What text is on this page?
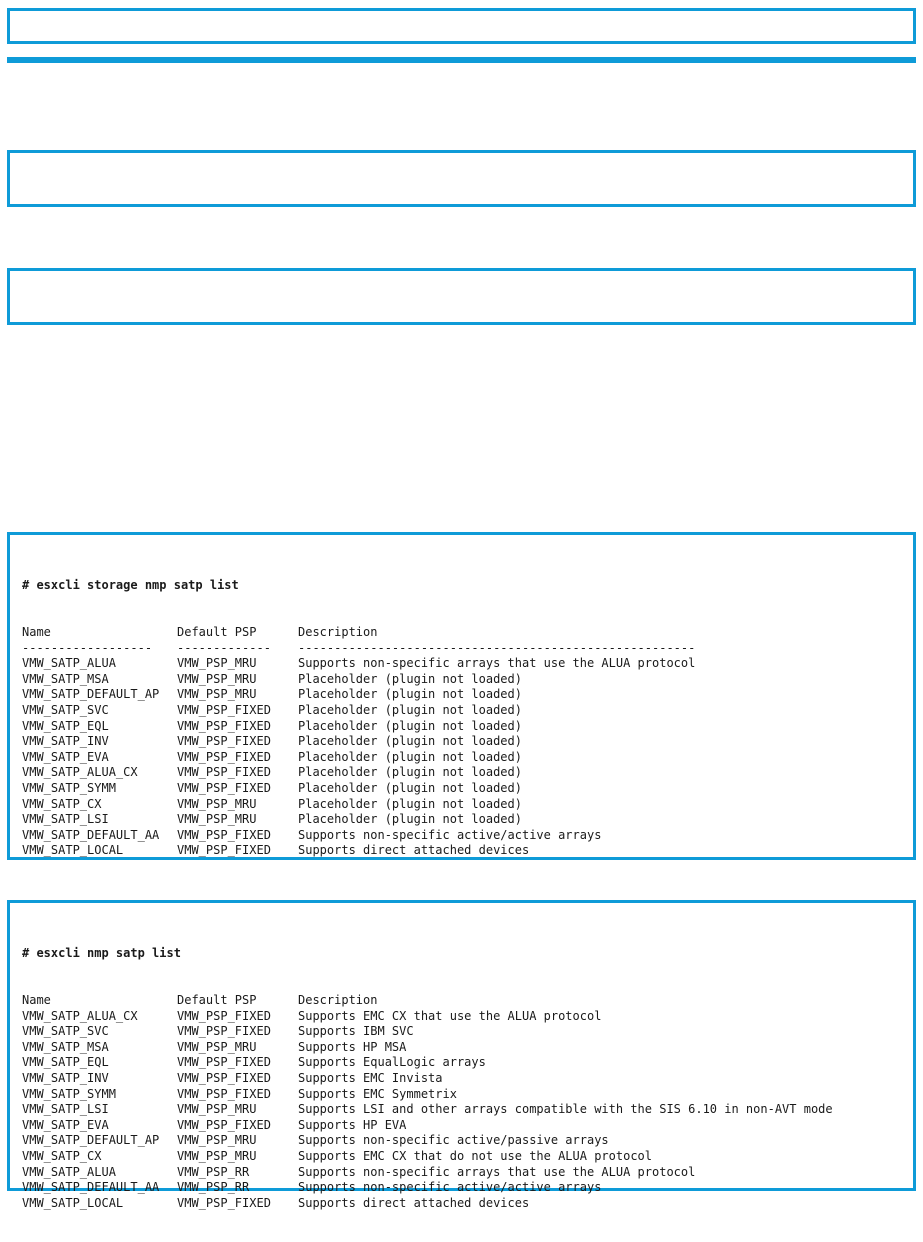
# esxcli storage nmp satp list

Name	Default PSP	Description
------------------	-------------	-------------------------------------------------------
VMW_SATP_ALUA	VMW_PSP_MRU	Supports non-specific arrays that use the ALUA protocol
VMW_SATP_MSA	VMW_PSP_MRU	Placeholder (plugin not loaded)
VMW_SATP_DEFAULT_AP	VMW_PSP_MRU	Placeholder (plugin not loaded)
VMW_SATP_SVC	VMW_PSP_FIXED	Placeholder (plugin not loaded)
VMW_SATP_EQL	VMW_PSP_FIXED	Placeholder (plugin not loaded)
VMW_SATP_INV	VMW_PSP_FIXED	Placeholder (plugin not loaded)
VMW_SATP_EVA	VMW_PSP_FIXED	Placeholder (plugin not loaded)
VMW_SATP_ALUA_CX	VMW_PSP_FIXED	Placeholder (plugin not loaded)
VMW_SATP_SYMM	VMW_PSP_FIXED	Placeholder (plugin not loaded)
VMW_SATP_CX	VMW_PSP_MRU	Placeholder (plugin not loaded)
VMW_SATP_LSI	VMW_PSP_MRU	Placeholder (plugin not loaded)
VMW_SATP_DEFAULT_AA	VMW_PSP_FIXED	Supports non-specific active/active arrays
VMW_SATP_LOCAL	VMW_PSP_FIXED	Supports direct attached devices

# esxcli nmp satp list

Name	Default PSP	Description
VMW_SATP_ALUA_CX	VMW_PSP_FIXED	Supports EMC CX that use the ALUA protocol
VMW_SATP_SVC	VMW_PSP_FIXED	Supports IBM SVC
VMW_SATP_MSA	VMW_PSP_MRU	Supports HP MSA
VMW_SATP_EQL	VMW_PSP_FIXED	Supports EqualLogic arrays
VMW_SATP_INV	VMW_PSP_FIXED	Supports EMC Invista
VMW_SATP_SYMM	VMW_PSP_FIXED	Supports EMC Symmetrix
VMW_SATP_LSI	VMW_PSP_MRU	Supports LSI and other arrays compatible with the SIS 6.10 in non-AVT mode
VMW_SATP_EVA	VMW_PSP_FIXED	Supports HP EVA
VMW_SATP_DEFAULT_AP	VMW_PSP_MRU	Supports non-specific active/passive arrays
VMW_SATP_CX	VMW_PSP_MRU	Supports EMC CX that do not use the ALUA protocol
VMW_SATP_ALUA	VMW_PSP_RR	Supports non-specific arrays that use the ALUA protocol
VMW_SATP_DEFAULT_AA	VMW_PSP_RR	Supports non-specific active/active arrays
VMW_SATP_LOCAL	VMW_PSP_FIXED	Supports direct attached devices
